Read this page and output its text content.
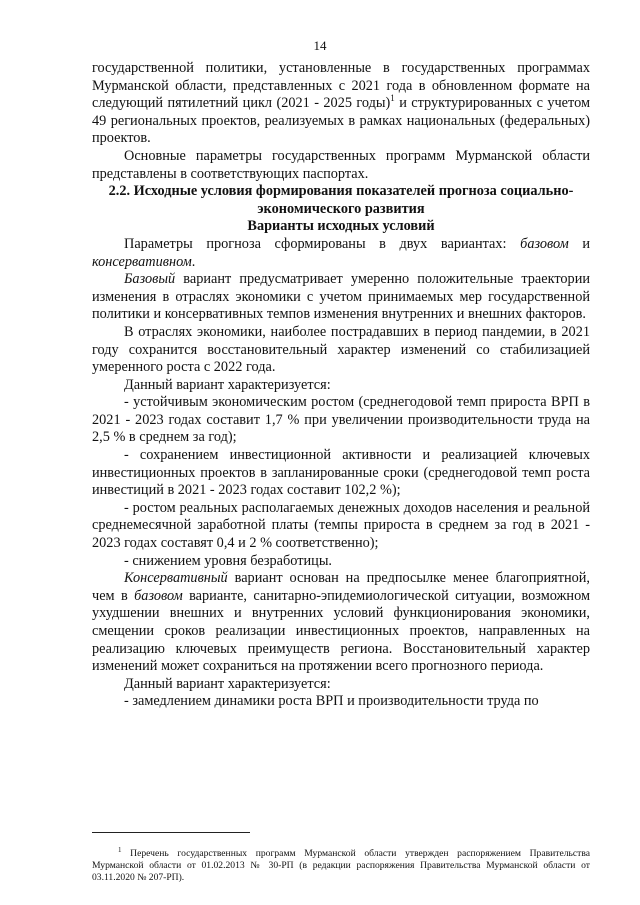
14

государственной политики, установленные в государственных программах Мурманской области, представленных с 2021 года в обновленном формате на следующий пятилетний цикл (2021 - 2025 годы)$^1$ и структурированных с учетом 49 региональных проектов, реализуемых в рамках национальных (федеральных) проектов.

Основные параметры государственных программ Мурманской области представлены в соответствующих паспортах.

2.2. Исходные условия формирования показателей прогноза социально-экономического развития

Варианты исходных условий

Параметры прогноза сформированы в двух вариантах: базовом и консервативном.

Базовый вариант предусматривает умеренно положительные траектории изменения в отраслях экономики с учетом принимаемых мер государственной политики и консервативных темпов изменения внутренних и внешних факторов.

В отраслях экономики, наиболее пострадавших в период пандемии, в 2021 году сохранится восстановительный характер изменений со стабилизацией умеренного роста с 2022 года.

Данный вариант характеризуется:

- устойчивым экономическим ростом (среднегодовой темп прироста ВРП в 2021 - 2023 годах составит 1,7 % при увеличении производительности труда на 2,5 % в среднем за год);

- сохранением инвестиционной активности и реализацией ключевых инвестиционных проектов в запланированные сроки (среднегодовой темп роста инвестиций в 2021 - 2023 годах составит 102,2 %);

- ростом реальных располагаемых денежных доходов населения и реальной среднемесячной заработной платы (темпы прироста в среднем за год в 2021 - 2023 годах составят 0,4 и 2 % соответственно);

- снижением уровня безработицы.

Консервативный вариант основан на предпосылке менее благоприятной, чем в базовом варианте, санитарно-эпидемиологической ситуации, возможном ухудшении внешних и внутренних условий функционирования экономики, смещении сроков реализации инвестиционных проектов, направленных на реализацию ключевых преимуществ региона. Восстановительный характер изменений может сохраниться на протяжении всего прогнозного периода.

Данный вариант характеризуется:

- замедлением динамики роста ВРП и производительности труда по

$^1$ Перечень государственных программ Мурманской области утвержден распоряжением Правительства Мурманской области от 01.02.2013 № 30-РП (в редакции распоряжения Правительства Мурманской области от 03.11.2020 № 207-РП).
